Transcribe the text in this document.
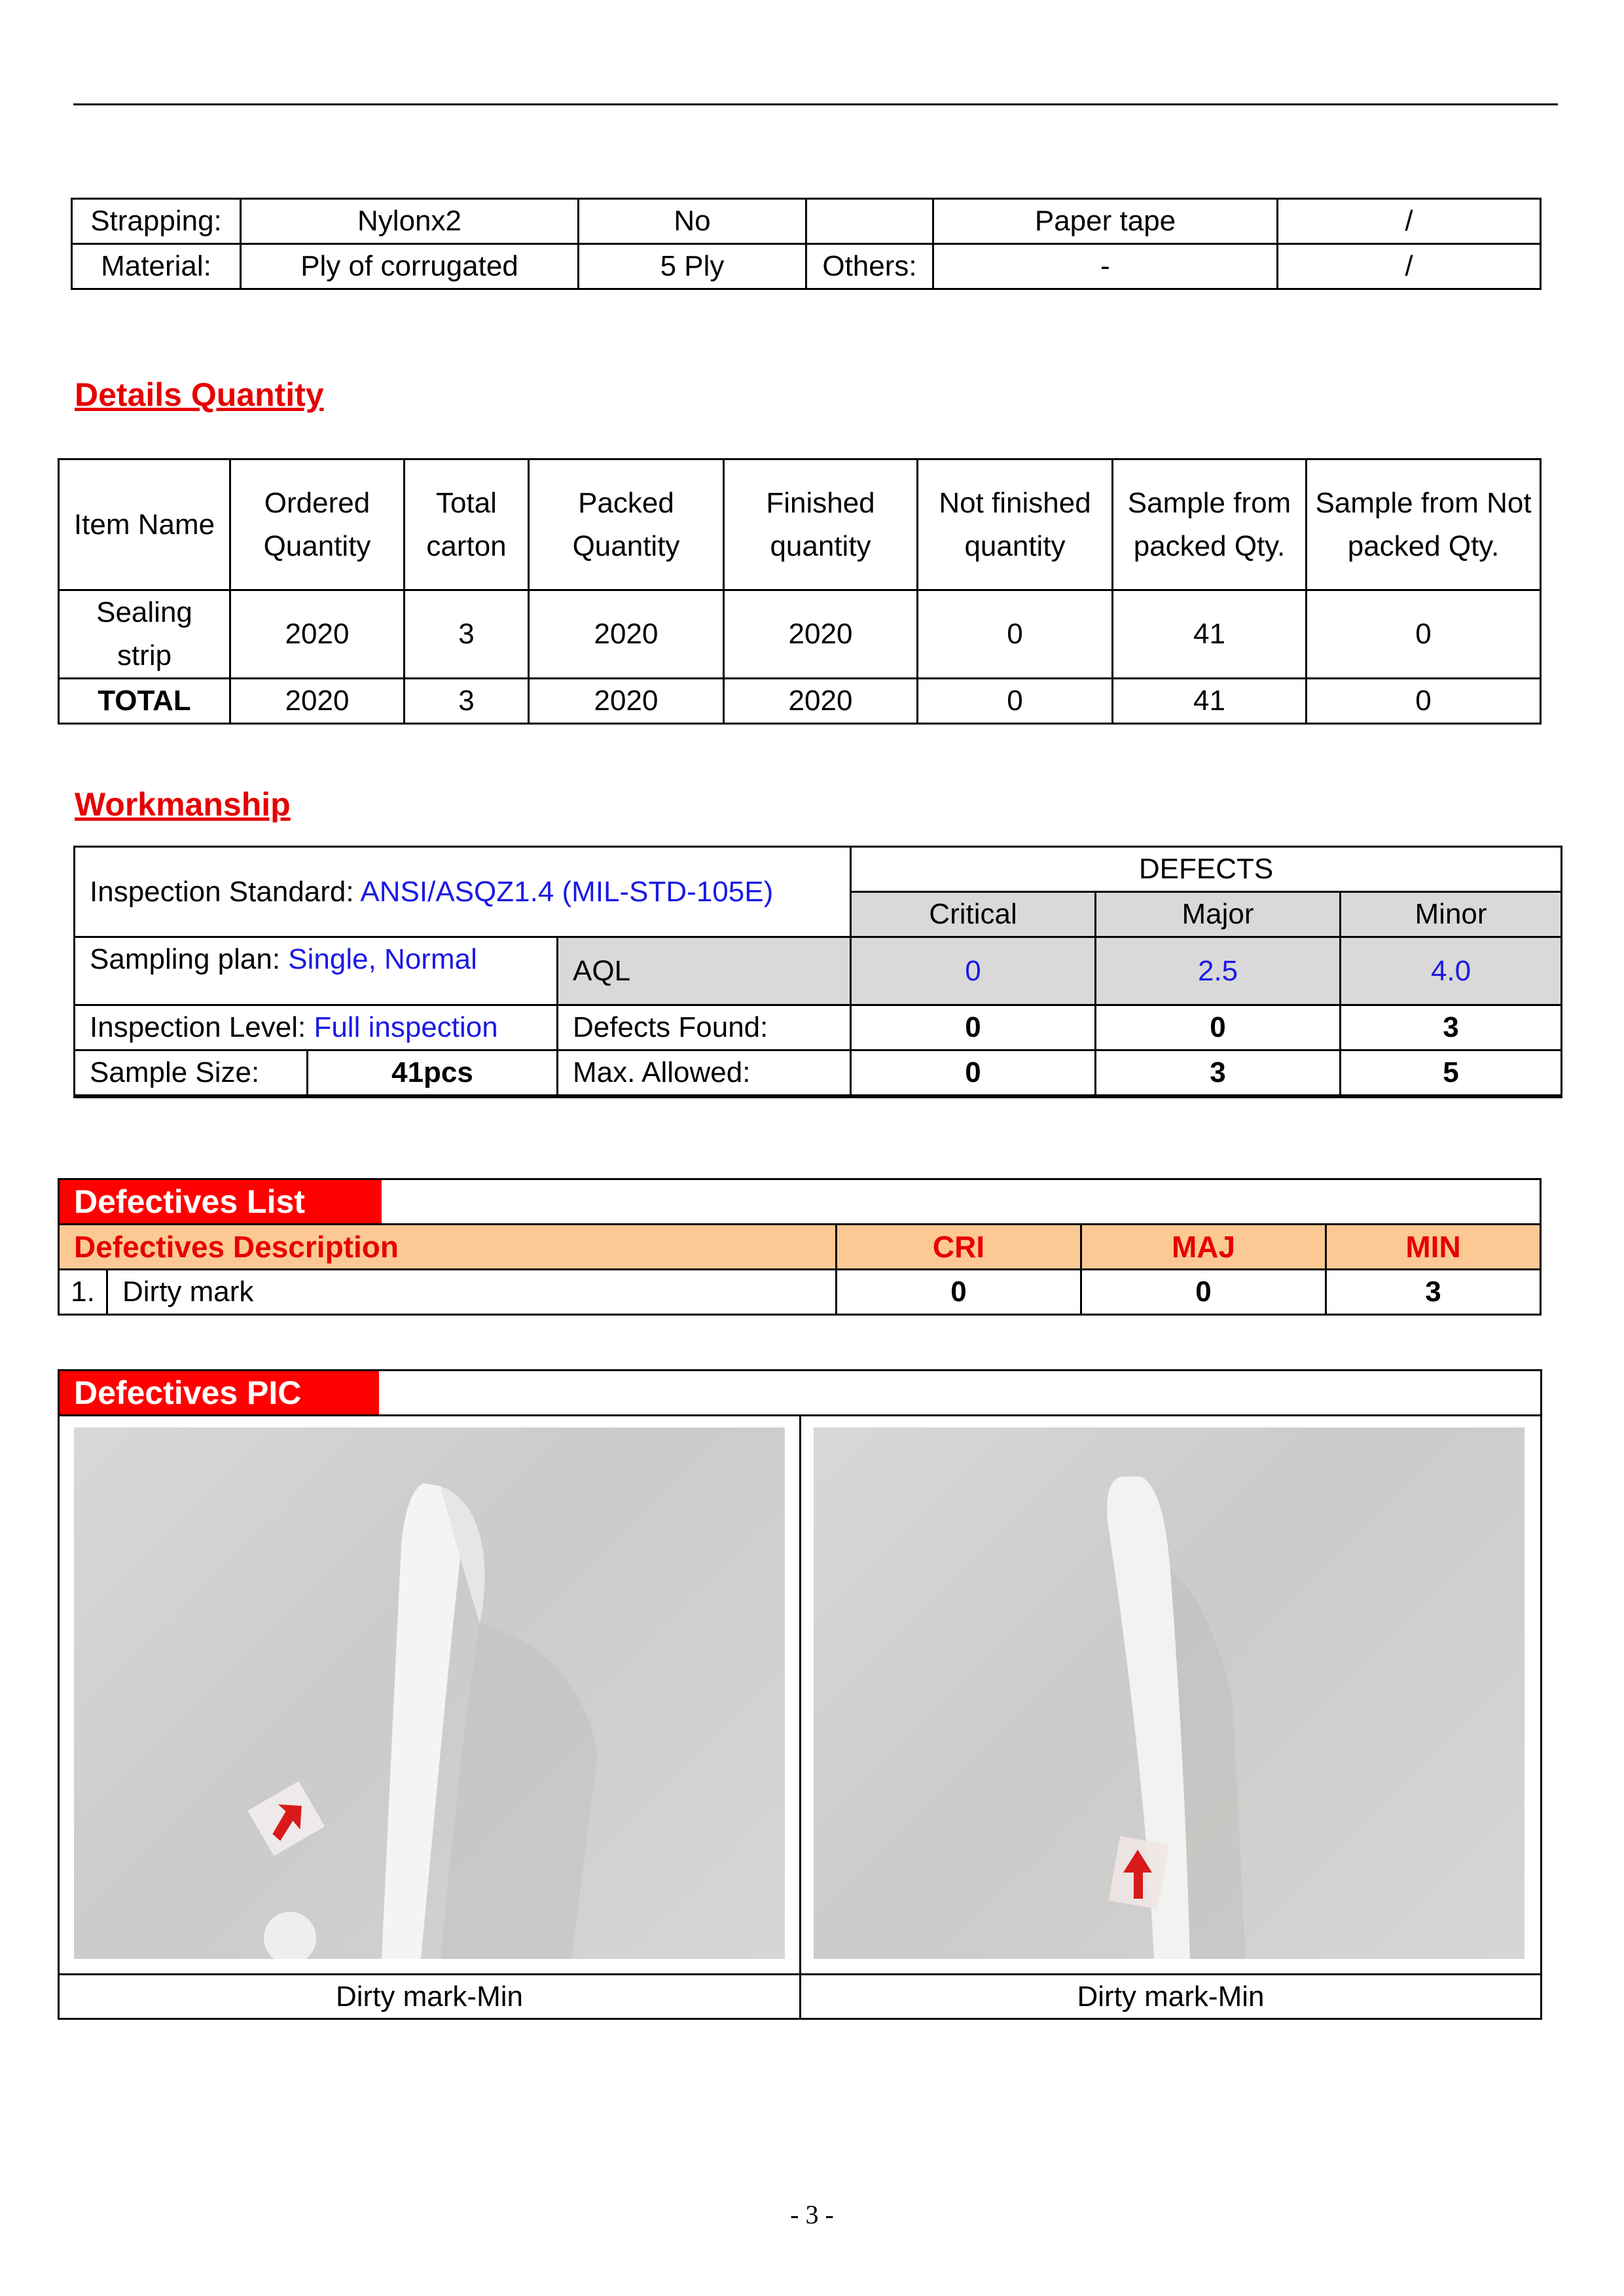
Strapping:	Nylonx2	No		Paper tape	/
Material:	Ply of corrugated	5 Ply	Others:	-	/
Details Quantity
Item Name	Ordered Quantity	Total carton	Packed Quantity	Finished quantity	Not finished quantity	Sample from packed Qty.	Sample from Not packed Qty.
Sealing strip	2020	3	2020	2020	0	41	0
TOTAL	2020	3	2020	2020	0	41	0
Workmanship
Inspection Standard: ANSI/ASQZ1.4 (MIL-STD-105E)			DEFECTS		
			Critical	Major	Minor
Sampling plan: Single, Normal		AQL	0	2.5	4.0
Inspection Level: Full inspection		Defects Found:	0	0	3
Sample Size:	41pcs	Max. Allowed:	0	3	5
Defectives List				

Defectives Description		CRI	MAJ	MIN
1.	Dirty mark	0	0	3
Defectives PIC
Dirty mark-Min	Dirty mark-Min
- 3 -
